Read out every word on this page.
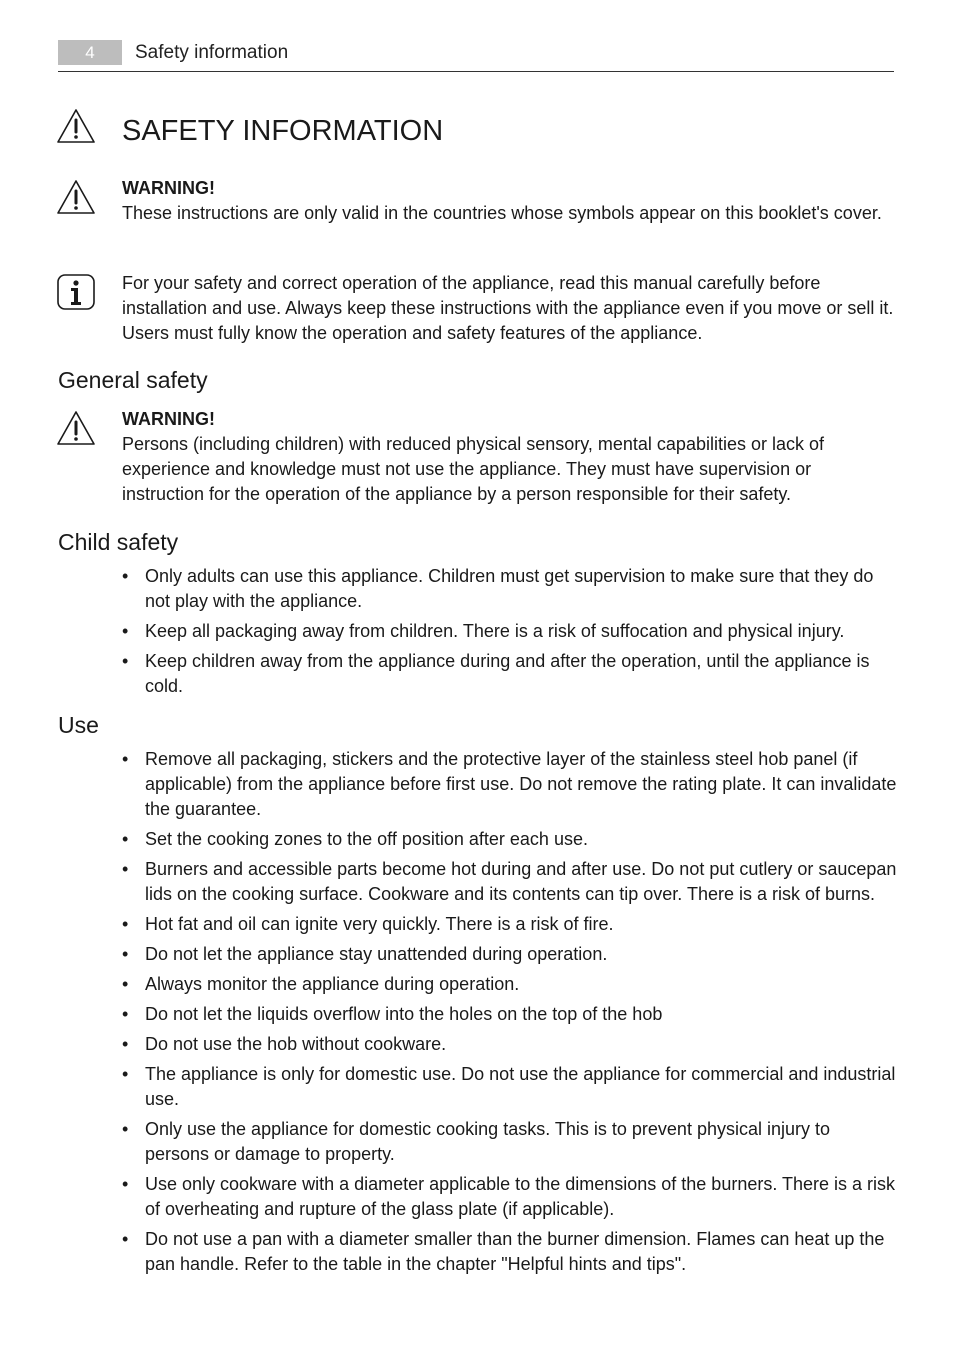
4	Safety information
SAFETY INFORMATION
WARNING!
These instructions are only valid in the countries whose symbols appear on this booklet's cover.
For your safety and correct operation of the appliance, read this manual carefully before installation and use. Always keep these instructions with the appliance even if you move or sell it. Users must fully know the operation and safety features of the appliance.
General safety
WARNING!
Persons (including children) with reduced physical sensory, mental capabilities or lack of experience and knowledge must not use the appliance. They must have supervision or instruction for the operation of the appliance by a person responsible for their safety.
Child safety
• Only adults can use this appliance. Children must get supervision to make sure that they do not play with the appliance.
• Keep all packaging away from children. There is a risk of suffocation and physical injury.
• Keep children away from the appliance during and after the operation, until the appliance is cold.
Use
• Remove all packaging, stickers and the protective layer of the stainless steel hob panel (if applicable) from the appliance before first use. Do not remove the rating plate. It can invalidate the guarantee.
• Set the cooking zones to the off position after each use.
• Burners and accessible parts become hot during and after use. Do not put cutlery or saucepan lids on the cooking surface. Cookware and its contents can tip over. There is a risk of burns.
• Hot fat and oil can ignite very quickly. There is a risk of fire.
• Do not let the appliance stay unattended during operation.
• Always monitor the appliance during operation.
• Do not let the liquids overflow into the holes on the top of the hob
• Do not use the hob without cookware.
• The appliance is only for domestic use. Do not use the appliance for commercial and industrial use.
• Only use the appliance for domestic cooking tasks. This is to prevent physical injury to persons or damage to property.
• Use only cookware with a diameter applicable to the dimensions of the burners. There is a risk of overheating and rupture of the glass plate (if applicable).
• Do not use a pan with a diameter smaller than the burner dimension. Flames can heat up the pan handle. Refer to the table in the chapter "Helpful hints and tips".
